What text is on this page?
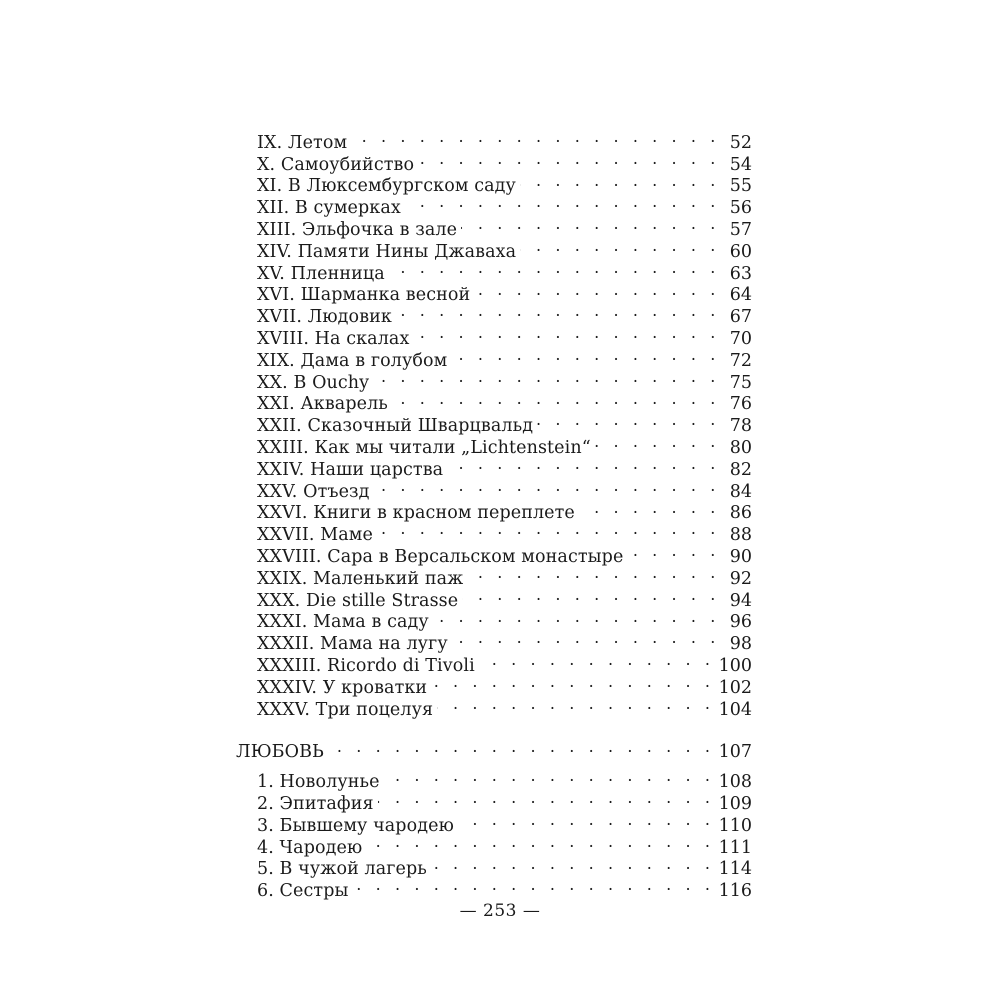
IX. Летом . . .	52
X. Самоубийство . . .	54
XI. В Люксембургском саду . . .	55
XII. В сумерках . . .	56
XIII. Эльфочка в зале . . .	57
XIV. Памяти Нины Джаваха . . .	60
XV. Пленница . . .	63
XVI. Шарманка весной . . .	64
XVII. Людовик . . .	67
XVIII. На скалах . . .	70
XIX. Дама в голубом . . .	72
XX. В Ouchy . . .	75
XXI. Акварель . . .	76
XXII. Сказочный Шварцвальд . . .	78
XXIII. Как мы читали „Lichtenstein“ . . .	80
XXIV. Наши царства . . .	82
XXV. Отъезд . . .	84
XXVI. Книги в красном переплете . . .	86
XXVII. Маме . . .	88
XXVIII. Сара в Версальском монастыре . . .	90
XXIX. Маленький паж . . .	92
XXX. Die stille Strasse . . .	94
XXXI. Мама в саду . . .	96
XXXII. Мама на лугу . . .	98
XXXIII. Ricordo di Tivoli . . .	100
XXXIV. У кроватки . . .	102
XXXV. Три поцелуя . . .	104
ЛЮБОВЬ . . .	107
1. Новолунье . . .	108
2. Эпитафия . . .	109
3. Бывшему чародею . . .	110
4. Чародею . . .	111
5. В чужой лагерь . . .	114
6. Сестры . . .	116
— 253 —
